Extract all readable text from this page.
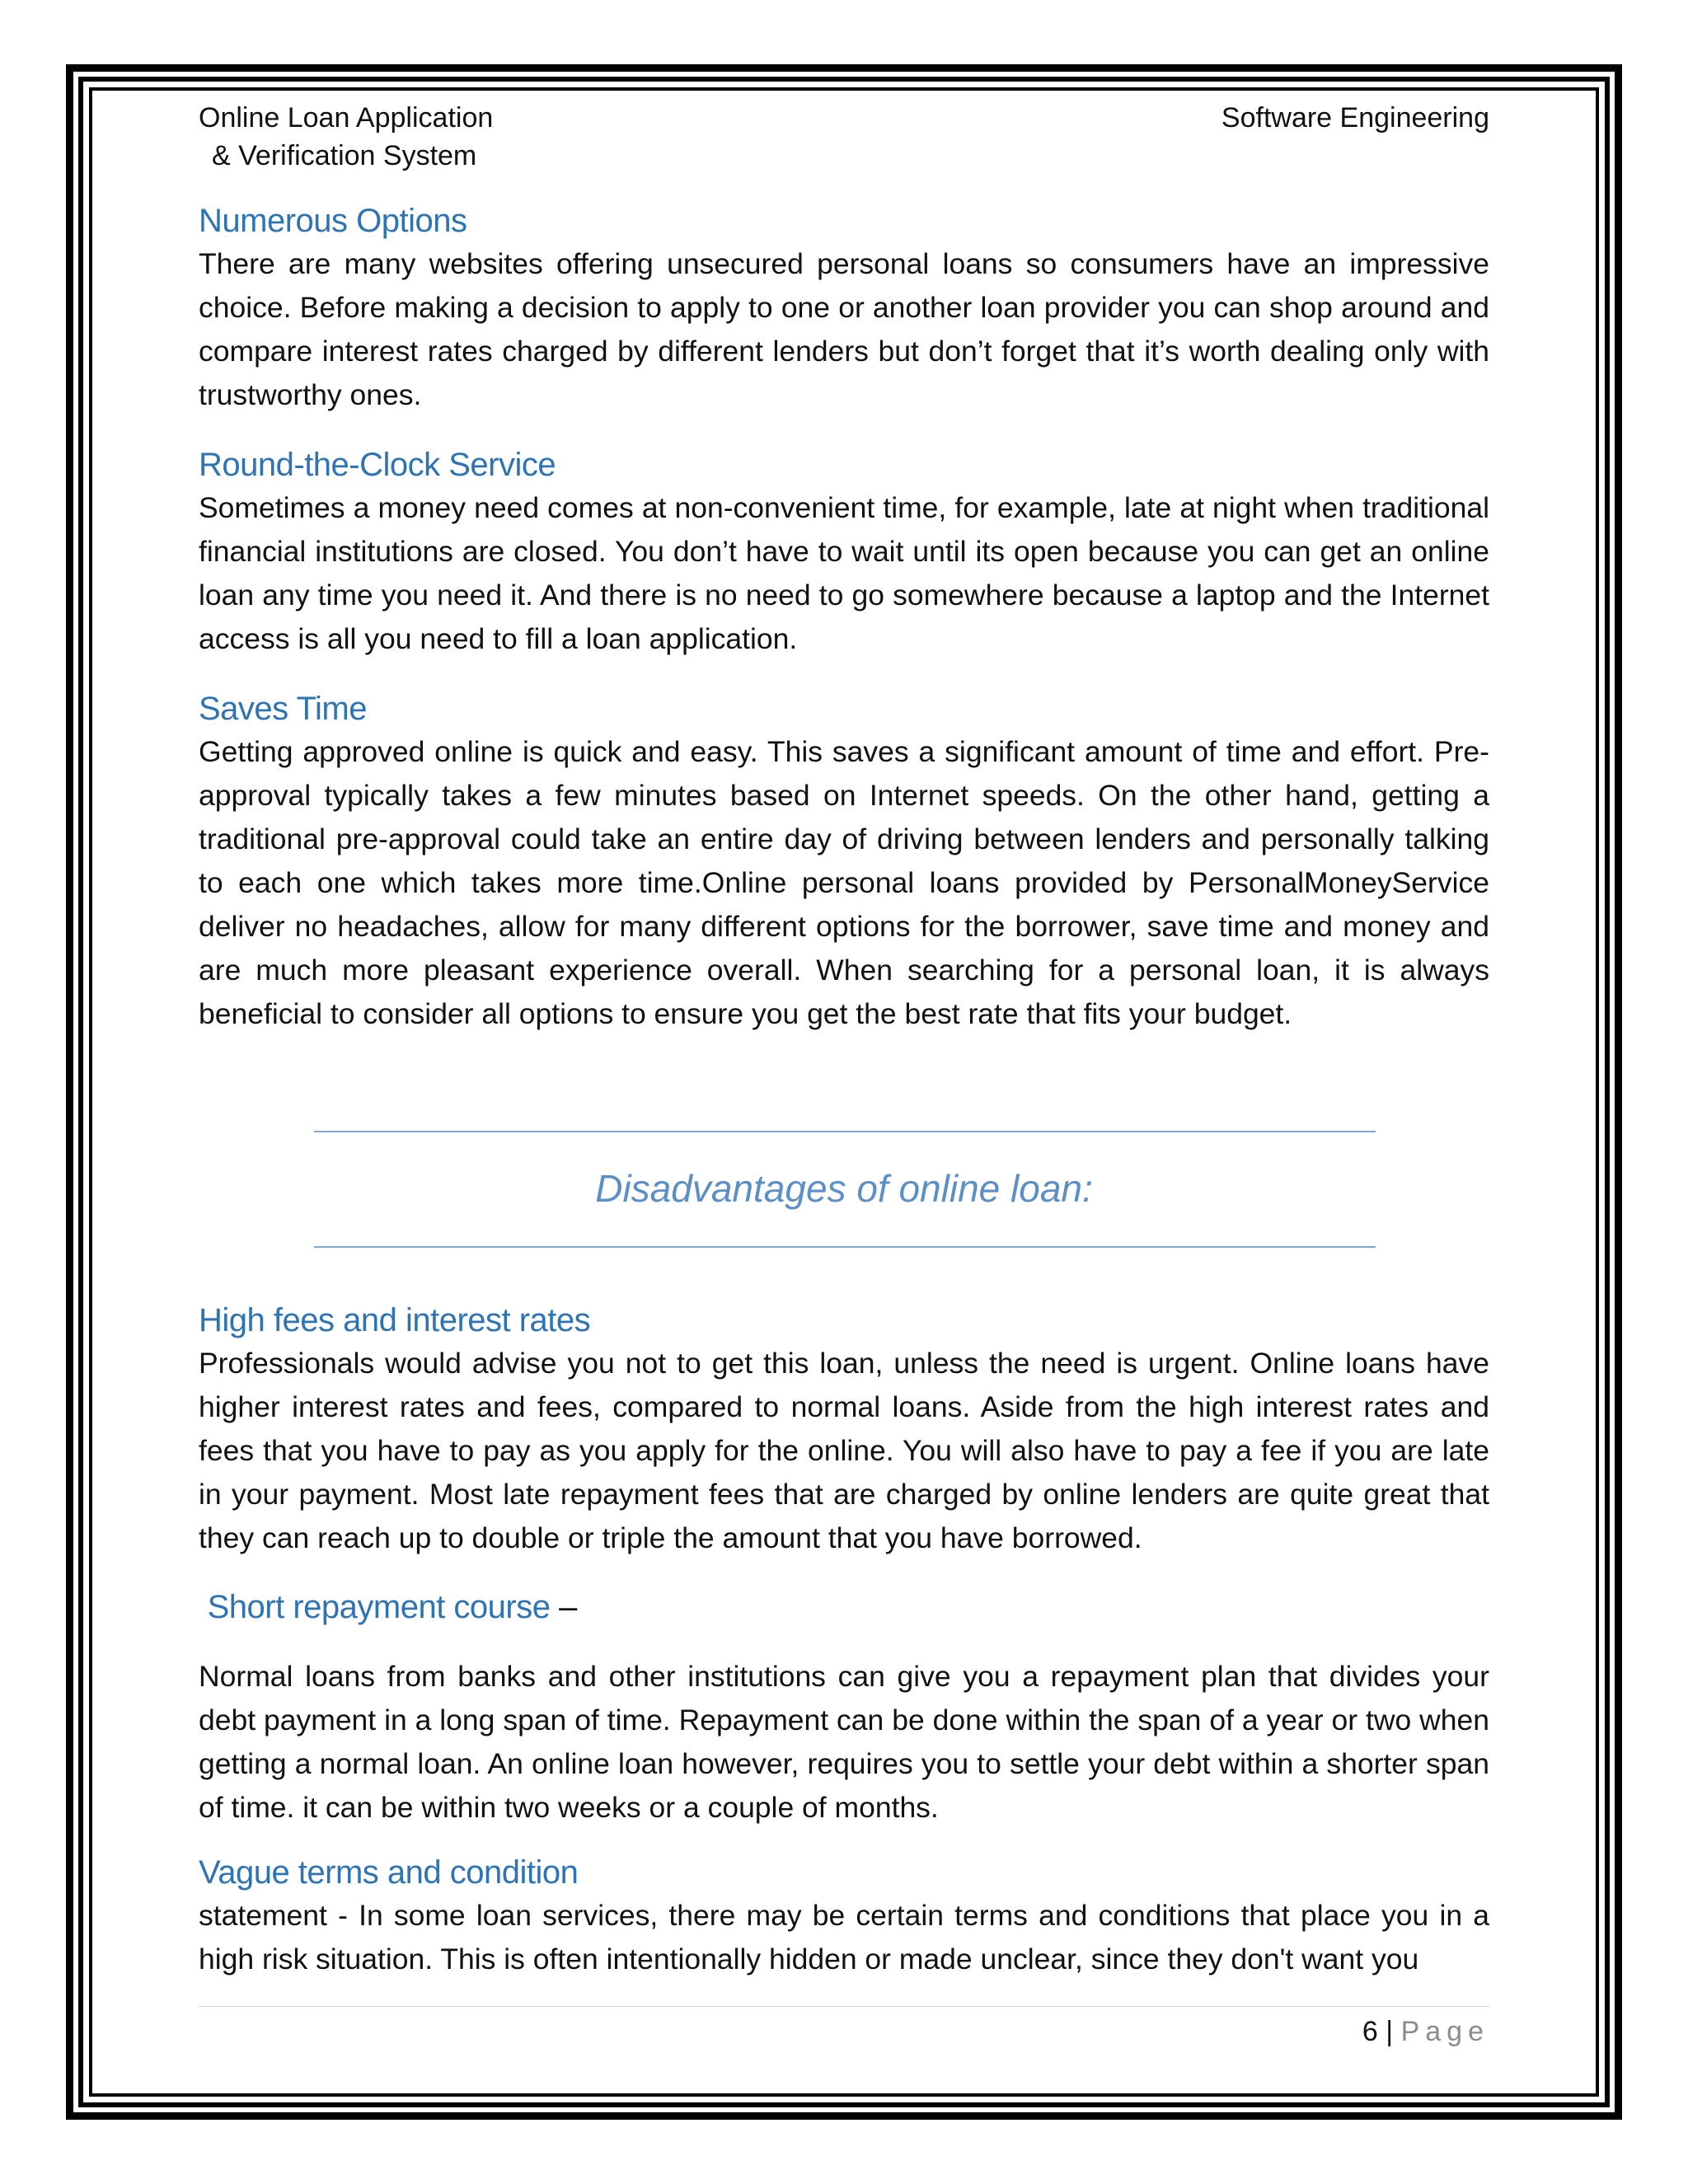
Online Loan Application
& Verification System
Software Engineering
Numerous Options
There are many websites offering unsecured personal loans so consumers have an impressive choice. Before making a decision to apply to one or another loan provider you can shop around and compare interest rates charged by different lenders but don’t forget that it’s worth dealing only with trustworthy ones.
Round-the-Clock Service
Sometimes a money need comes at non-convenient time, for example, late at night when traditional financial institutions are closed. You don’t have to wait until its open because you can get an online loan any time you need it. And there is no need to go somewhere because a laptop and the Internet access is all you need to fill a loan application.
Saves Time
Getting approved online is quick and easy. This saves a significant amount of time and effort. Pre-approval typically takes a few minutes based on Internet speeds. On the other hand, getting a traditional pre-approval could take an entire day of driving between lenders and personally talking to each one which takes more time.Online personal loans provided by PersonalMoneyService deliver no headaches, allow for many different options for the borrower, save time and money and are much more pleasant experience overall. When searching for a personal loan, it is always beneficial to consider all options to ensure you get the best rate that fits your budget.
Disadvantages of online loan:
High fees and interest rates
Professionals would advise you not to get this loan, unless the need is urgent. Online loans have higher interest rates and fees, compared to normal loans. Aside from the high interest rates and fees that you have to pay as you apply for the online. You will also have to pay a fee if you are late in your payment. Most late repayment fees that are charged by online lenders are quite great that they can reach up to double or triple the amount that you have borrowed.
Short repayment course –
Normal loans from banks and other institutions can give you a repayment plan that divides your debt payment in a long span of time. Repayment can be done within the span of a year or two when getting a normal loan. An online loan however, requires you to settle your debt within a shorter span of time. it can be within two weeks or a couple of months.
Vague terms and condition
statement - In some loan services, there may be certain terms and conditions that place you in a high risk situation. This is often intentionally hidden or made unclear, since they don't want you
6 | Page
